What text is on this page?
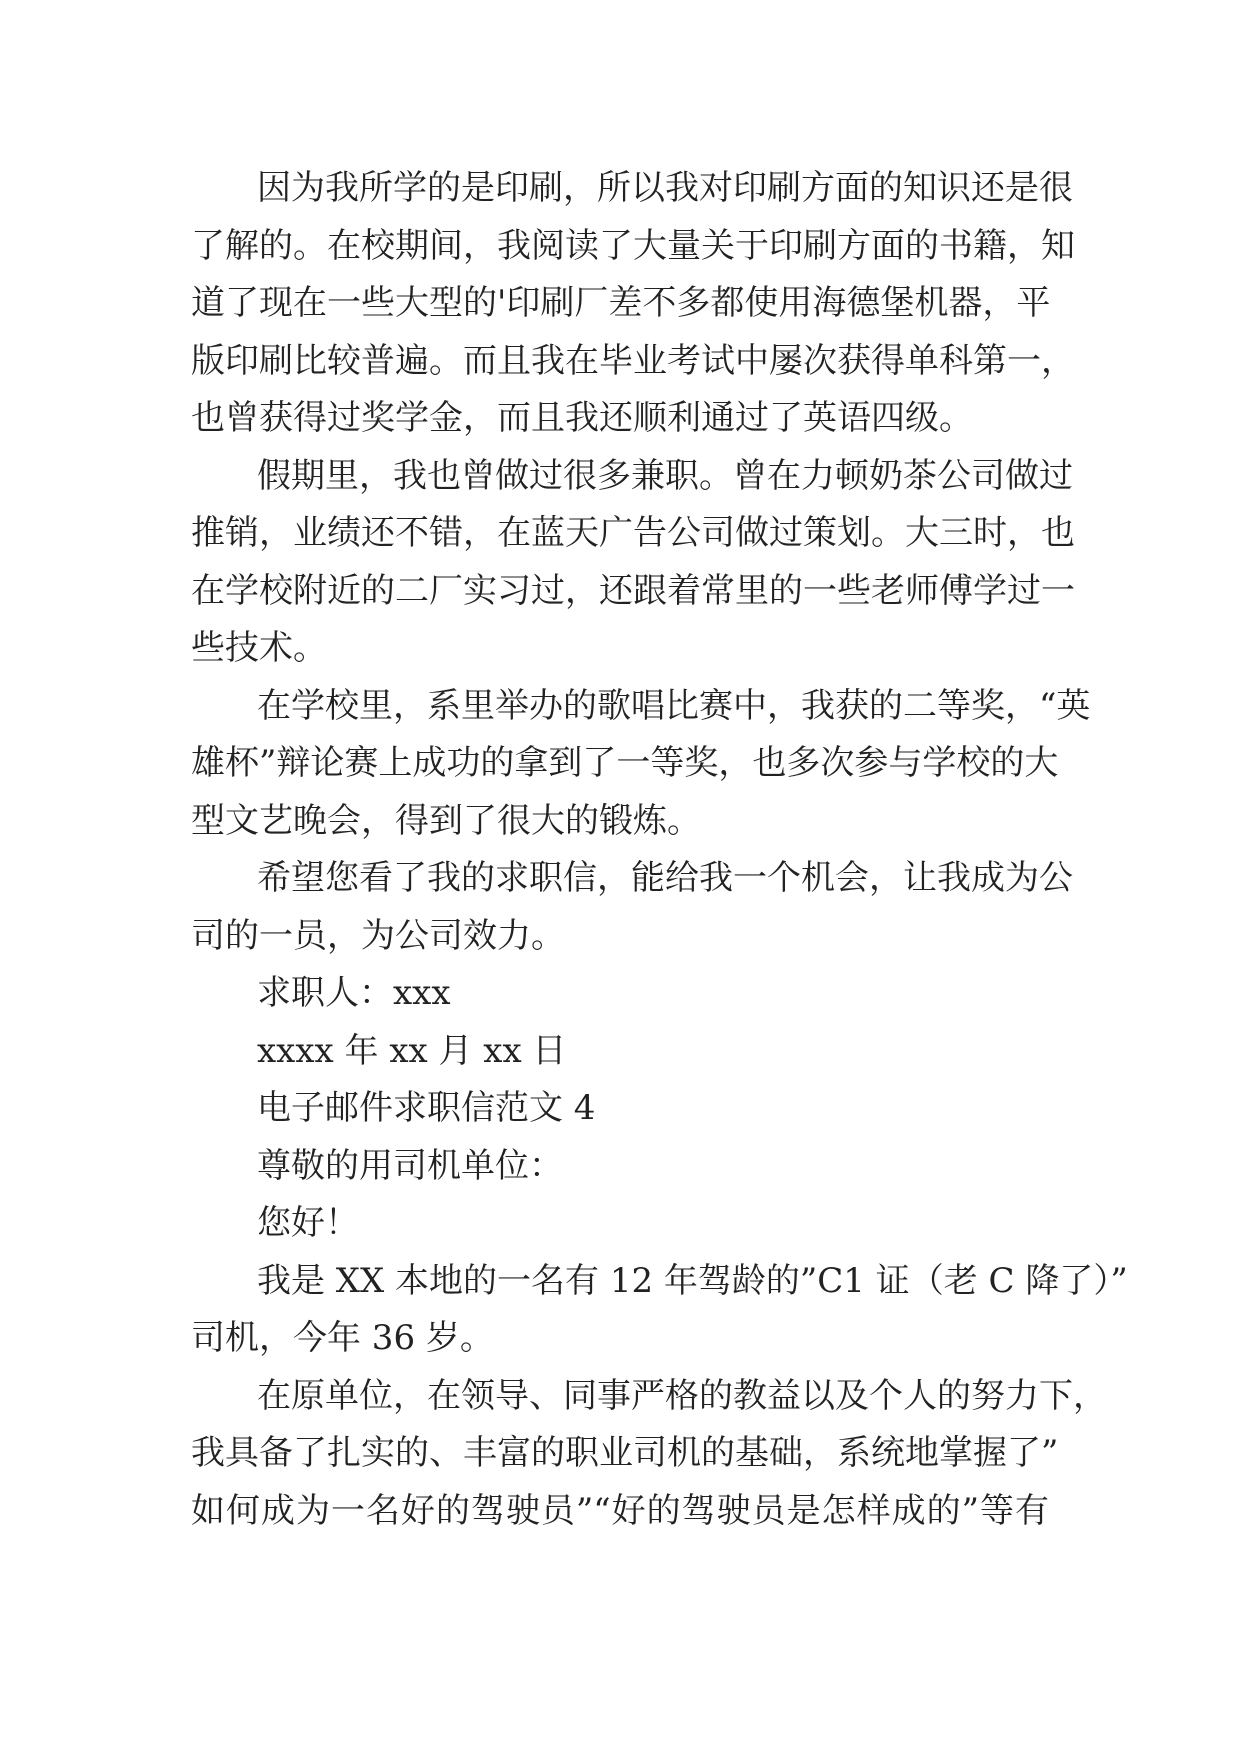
因为我所学的是印刷，所以我对印刷方面的知识还是很
了解的。在校期间，我阅读了大量关于印刷方面的书籍，知
道了现在一些大型的'印刷厂差不多都使用海德堡机器，平
版印刷比较普遍。而且我在毕业考试中屡次获得单科第一，
也曾获得过奖学金，而且我还顺利通过了英语四级。
假期里，我也曾做过很多兼职。曾在力顿奶茶公司做过
推销，业绩还不错，在蓝天广告公司做过策划。大三时，也
在学校附近的二厂实习过，还跟着常里的一些老师傅学过一
些技术。
在学校里，系里举办的歌唱比赛中，我获的二等奖，“英
雄杯”辩论赛上成功的拿到了一等奖，也多次参与学校的大
型文艺晚会，得到了很大的锻炼。
希望您看了我的求职信，能给我一个机会，让我成为公
司的一员，为公司效力。
求职人：xxx
xxxx 年 xx 月 xx 日
电子邮件求职信范文 4
尊敬的用司机单位：
您好！
我是 XX 本地的一名有 12 年驾龄的”C1 证（老 C 降了）”
司机，今年 36 岁。
在原单位，在领导、同事严格的教益以及个人的努力下，
我具备了扎实的、丰富的职业司机的基础，系统地掌握了”
如何成为一名好的驾驶员”“好的驾驶员是怎样成的”等有
